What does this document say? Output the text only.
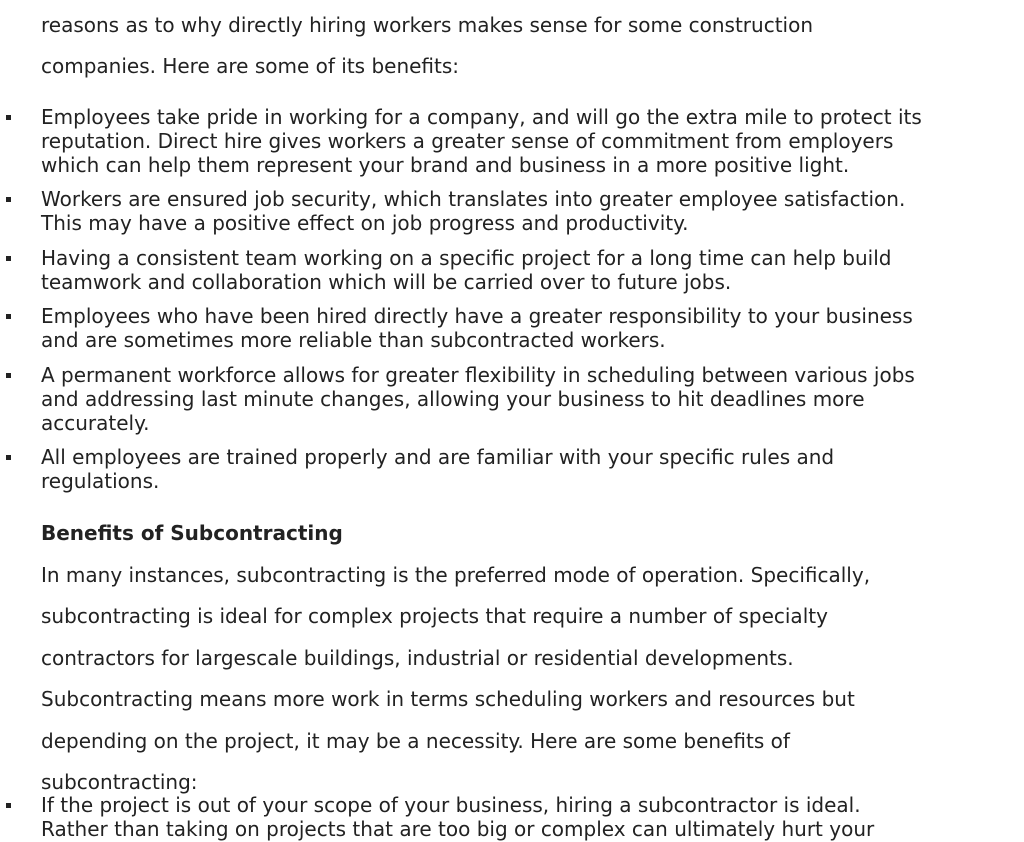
reasons as to why directly hiring workers makes sense for some construction
companies. Here are some of its benefits:
Employees take pride in working for a company, and will go the extra mile to protect its
reputation. Direct hire gives workers a greater sense of commitment from employers
which can help them represent your brand and business in a more positive light.
Workers are ensured job security, which translates into greater employee satisfaction.
This may have a positive effect on job progress and productivity.
Having a consistent team working on a specific project for a long time can help build
teamwork and collaboration which will be carried over to future jobs.
Employees who have been hired directly have a greater responsibility to your business
and are sometimes more reliable than subcontracted workers.
A permanent workforce allows for greater flexibility in scheduling between various jobs
and addressing last minute changes, allowing your business to hit deadlines more
accurately.
All employees are trained properly and are familiar with your specific rules and
regulations.
Benefits of Subcontracting
In many instances, subcontracting is the preferred mode of operation. Specifically,
subcontracting is ideal for complex projects that require a number of specialty
contractors for largescale buildings, industrial or residential developments.
Subcontracting means more work in terms scheduling workers and resources but
depending on the project, it may be a necessity. Here are some benefits of
subcontracting:
If the project is out of your scope of your business, hiring a subcontractor is ideal.
Rather than taking on projects that are too big or complex can ultimately hurt your
